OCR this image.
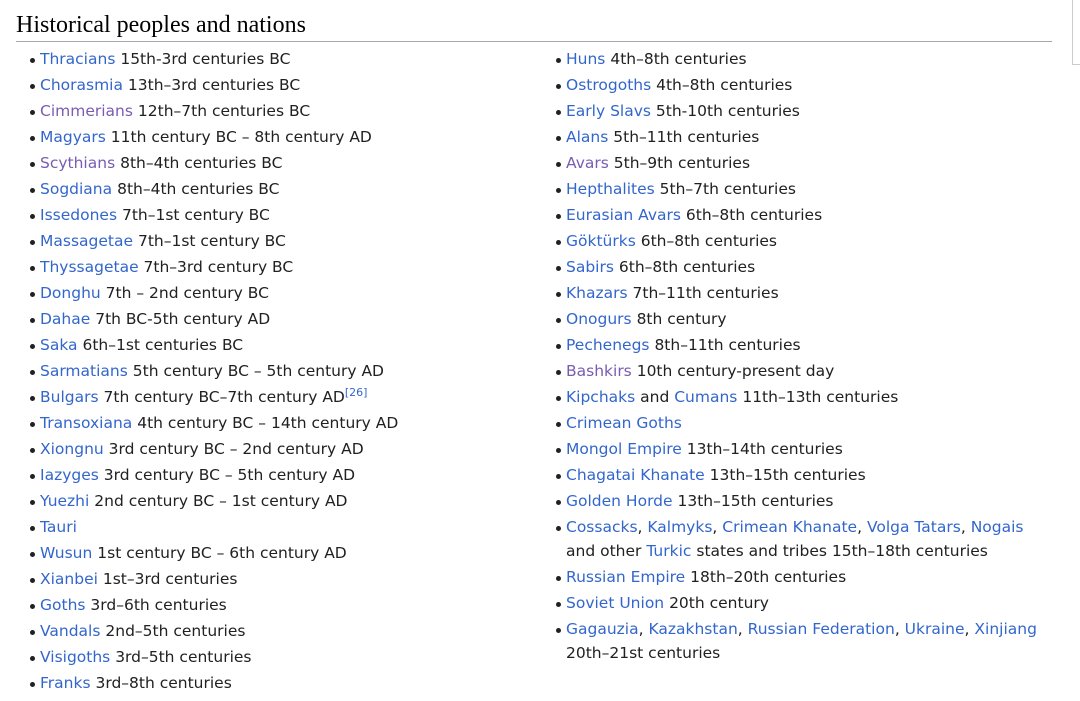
Historical peoples and nations
Thracians 15th-3rd centuries BC
Chorasmia 13th–3rd centuries BC
Cimmerians 12th–7th centuries BC
Magyars 11th century BC – 8th century AD
Scythians 8th–4th centuries BC
Sogdiana 8th–4th centuries BC
Issedones 7th–1st century BC
Massagetae 7th–1st century BC
Thyssagetae 7th–3rd century BC
Donghu 7th – 2nd century BC
Dahae 7th BC-5th century AD
Saka 6th–1st centuries BC
Sarmatians 5th century BC – 5th century AD
Bulgars 7th century BC–7th century AD[26]
Transoxiana 4th century BC – 14th century AD
Xiongnu 3rd century BC – 2nd century AD
Iazyges 3rd century BC – 5th century AD
Yuezhi 2nd century BC – 1st century AD
Tauri
Wusun 1st century BC – 6th century AD
Xianbei 1st–3rd centuries
Goths 3rd–6th centuries
Vandals 2nd–5th centuries
Visigoths 3rd–5th centuries
Franks 3rd–8th centuries
Huns 4th–8th centuries
Ostrogoths 4th–8th centuries
Early Slavs 5th-10th centuries
Alans 5th–11th centuries
Avars 5th–9th centuries
Hepthalites 5th–7th centuries
Eurasian Avars 6th–8th centuries
Göktürks 6th–8th centuries
Sabirs 6th–8th centuries
Khazars 7th–11th centuries
Onogurs 8th century
Pechenegs 8th–11th centuries
Bashkirs 10th century-present day
Kipchaks and Cumans 11th–13th centuries
Crimean Goths
Mongol Empire 13th–14th centuries
Chagatai Khanate 13th–15th centuries
Golden Horde 13th–15th centuries
Cossacks, Kalmyks, Crimean Khanate, Volga Tatars, Nogais and other Turkic states and tribes 15th–18th centuries
Russian Empire 18th–20th centuries
Soviet Union 20th century
Gagauzia, Kazakhstan, Russian Federation, Ukraine, Xinjiang 20th–21st centuries
